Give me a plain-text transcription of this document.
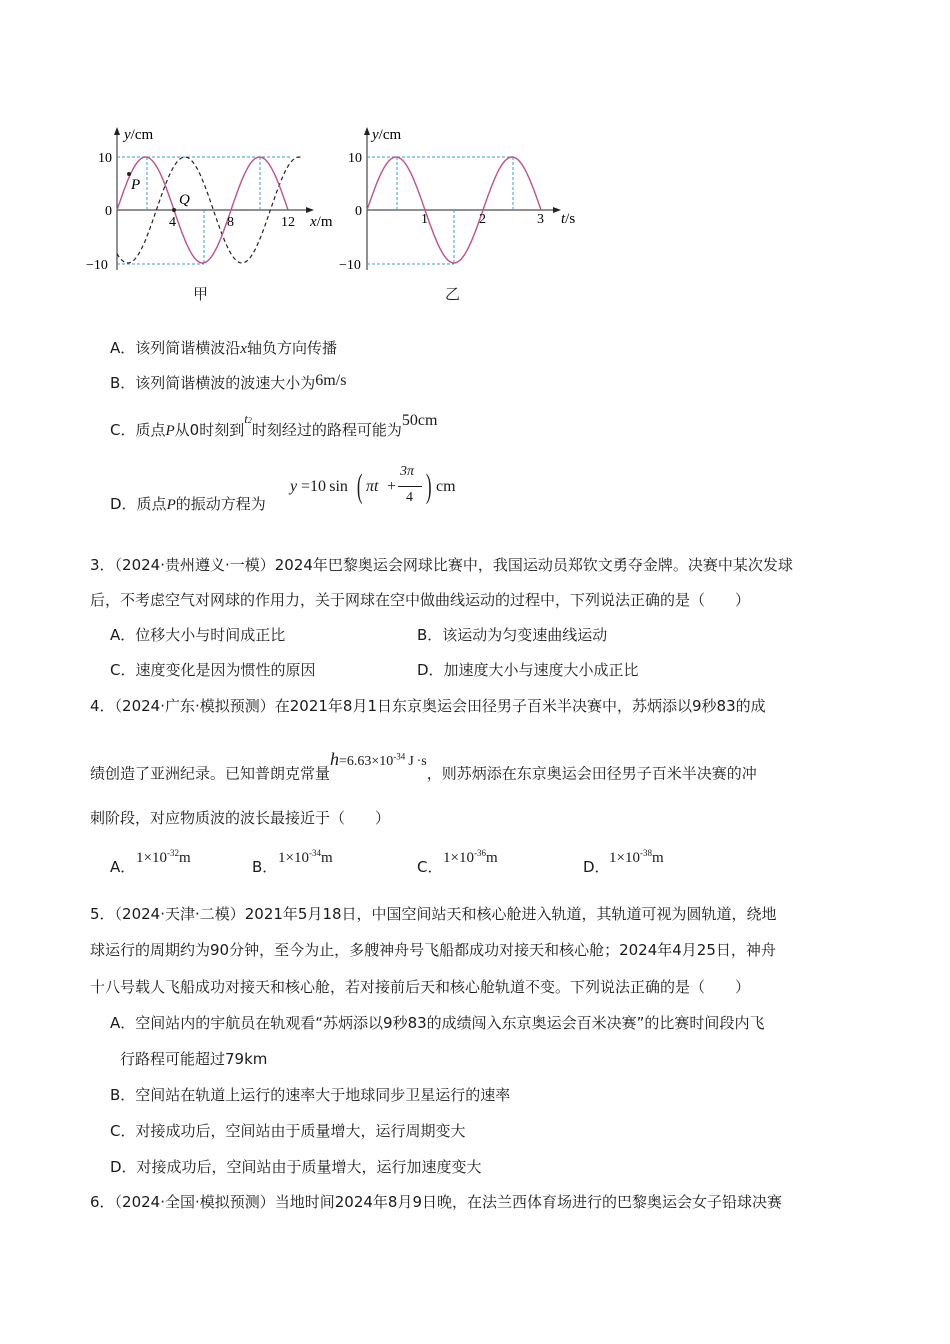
y/cm
10
0
−10
4	8	12 x/m
P
Q
甲
y/cm
10
0
−10
1	2	3 t/s
乙
A．该列简谐横波沿x轴负方向传播
B．该列简谐横波的波速大小为6m/s
C．质点P从0时刻到t2时刻经过的路程可能为50cm
D．质点P的振动方程为
y =10 sin ( πt +
3π
4 ) cm
3．（2024·贵州遵义·一模）2024年巴黎奥运会网球比赛中，我国运动员郑钦文勇夺金牌。决赛中某次发球
后，不考虑空气对网球的作用力，关于网球在空中做曲线运动的过程中，下列说法正确的是（　　）
A．位移大小与时间成正比	B．该运动为匀变速曲线运动
C．速度变化是因为惯性的原因	D．加速度大小与速度大小成正比
4．（2024·广东·模拟预测）在2021年8月1日东京奥运会田径男子百米半决赛中，苏炳添以9秒83的成
绩创造了亚洲纪录。已知普朗克常量$h=6.63\times 10^{-34}$ J ·s，则苏炳添在东京奥运会田径男子百米半决赛的冲
刺阶段，对应物质波的波长最接近于（　　）
A． $1\times 10^{-32}m$	B． $1\times 10^{-34}m$	C． $1\times 10^{-36}m$	D． $1\times 10^{-38}m$
5．（2024·天津·二模）2021年5月18日，中国空间站天和核心舱进入轨道，其轨道可视为圆轨道，绕地
球运行的周期约为90分钟，至今为止，多艘神舟号飞船都成功对接天和核心舱；2024年4月25日，神舟
十八号载人飞船成功对接天和核心舱，若对接前后天和核心舱轨道不变。下列说法正确的是（　　）
A．空间站内的宇航员在轨观看“苏炳添以9秒83的成绩闯入东京奥运会百米决赛”的比赛时间段内飞
行路程可能超过79km
B．空间站在轨道上运行的速率大于地球同步卫星运行的速率
C．对接成功后，空间站由于质量增大，运行周期变大
D．对接成功后，空间站由于质量增大，运行加速度变大
6．（2024·全国·模拟预测）当地时间2024年8月9日晚，在法兰西体育场进行的巴黎奥运会女子铅球决赛
